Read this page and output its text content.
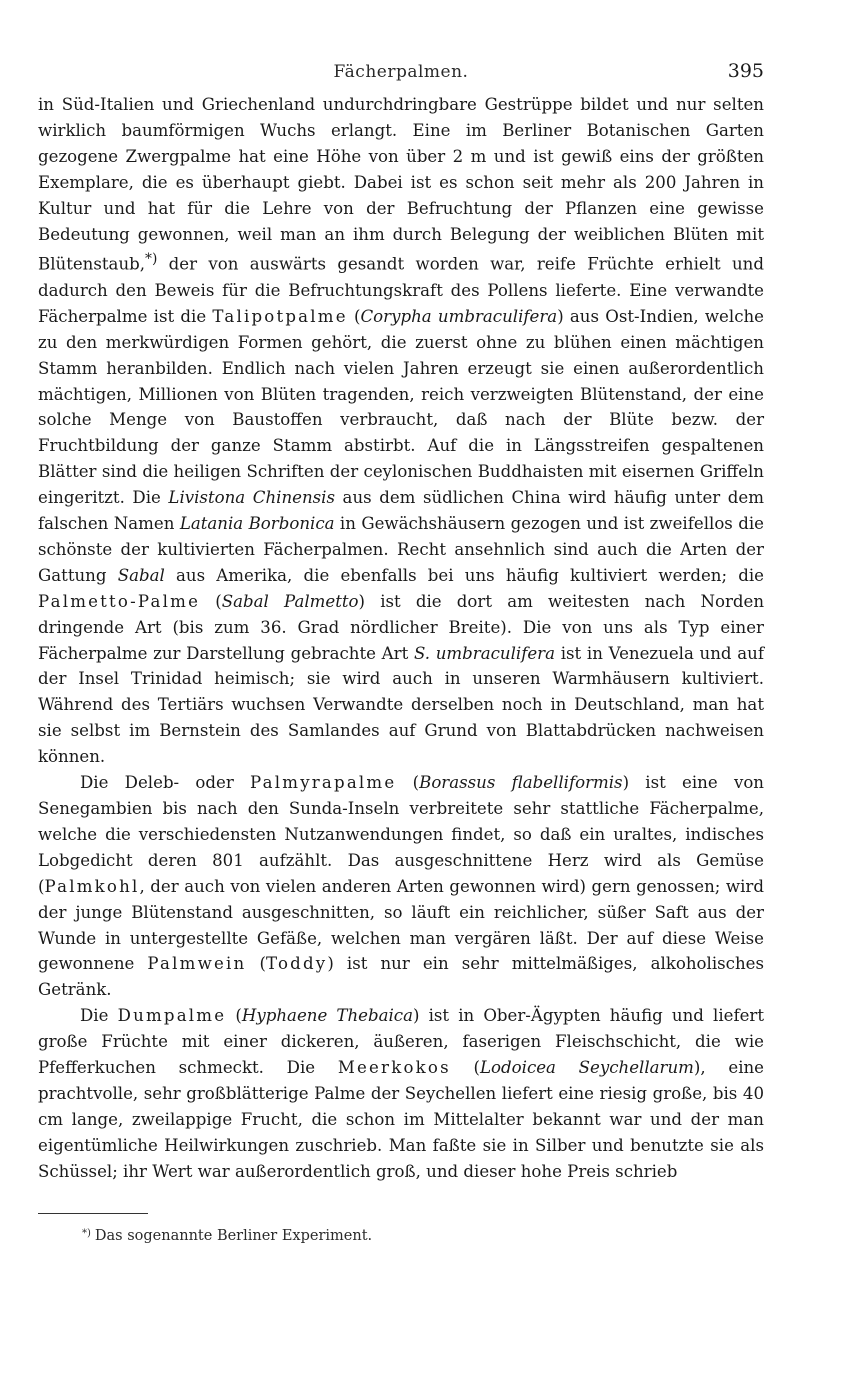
Fächerpalmen.	395

in Süd-Italien und Griechenland undurchdringbare Gestrüppe bildet und nur selten wirklich baumförmigen Wuchs erlangt. Eine im Berliner Botanischen Garten gezogene Zwergpalme hat eine Höhe von über 2 m und ist gewiß eins der größten Exemplare, die es überhaupt giebt. Dabei ist es schon seit mehr als 200 Jahren in Kultur und hat für die Lehre von der Befruchtung der Pflanzen eine gewisse Bedeutung gewonnen, weil man an ihm durch Belegung der weiblichen Blüten mit Blütenstaub,*) der von auswärts gesandt worden war, reife Früchte erhielt und dadurch den Beweis für die Befruchtungskraft des Pollens lieferte. Eine verwandte Fächerpalme ist die Talipotpalme (Corypha umbraculifera) aus Ost-Indien, welche zu den merkwürdigen Formen gehört, die zuerst ohne zu blühen einen mächtigen Stamm heranbilden. Endlich nach vielen Jahren erzeugt sie einen außerordentlich mächtigen, Millionen von Blüten tragenden, reich verzweigten Blütenstand, der eine solche Menge von Baustoffen verbraucht, daß nach der Blüte bezw. der Fruchtbildung der ganze Stamm abstirbt. Auf die in Längsstreifen gespaltenen Blätter sind die heiligen Schriften der ceylonischen Buddhaisten mit eisernen Griffeln eingeritzt. Die Livistona Chinensis aus dem südlichen China wird häufig unter dem falschen Namen Latania Borbonica in Gewächshäusern gezogen und ist zweifellos die schönste der kultivierten Fächerpalmen. Recht ansehnlich sind auch die Arten der Gattung Sabal aus Amerika, die ebenfalls bei uns häufig kultiviert werden; die Palmetto-Palme (Sabal Palmetto) ist die dort am weitesten nach Norden dringende Art (bis zum 36. Grad nördlicher Breite). Die von uns als Typ einer Fächerpalme zur Darstellung gebrachte Art S. umbraculifera ist in Venezuela und auf der Insel Trinidad heimisch; sie wird auch in unseren Warmhäusern kultiviert. Während des Tertiärs wuchsen Verwandte derselben noch in Deutschland, man hat sie selbst im Bernstein des Samlandes auf Grund von Blattabdrücken nachweisen können.

Die Deleb- oder Palmyrapalme (Borassus flabelliformis) ist eine von Senegambien bis nach den Sunda-Inseln verbreitete sehr stattliche Fächerpalme, welche die verschiedensten Nutzanwendungen findet, so daß ein uraltes, indisches Lobgedicht deren 801 aufzählt. Das ausgeschnittene Herz wird als Gemüse (Palmkohl, der auch von vielen anderen Arten gewonnen wird) gern genossen; wird der junge Blütenstand ausgeschnitten, so läuft ein reichlicher, süßer Saft aus der Wunde in untergestellte Gefäße, welchen man vergären läßt. Der auf diese Weise gewonnene Palmwein (Toddy) ist nur ein sehr mittelmäßiges, alkoholisches Getränk.

Die Dumpalme (Hyphaene Thebaica) ist in Ober-Ägypten häufig und liefert große Früchte mit einer dickeren, äußeren, faserigen Fleischschicht, die wie Pfefferkuchen schmeckt. Die Meerkokos (Lodoicea Seychellarum), eine prachtvolle, sehr großblätterige Palme der Seychellen liefert eine riesig große, bis 40 cm lange, zweilappige Frucht, die schon im Mittelalter bekannt war und der man eigentümliche Heilwirkungen zuschrieb. Man faßte sie in Silber und benutzte sie als Schüssel; ihr Wert war außerordentlich groß, und dieser hohe Preis schrieb

*) Das sogenannte Berliner Experiment.
